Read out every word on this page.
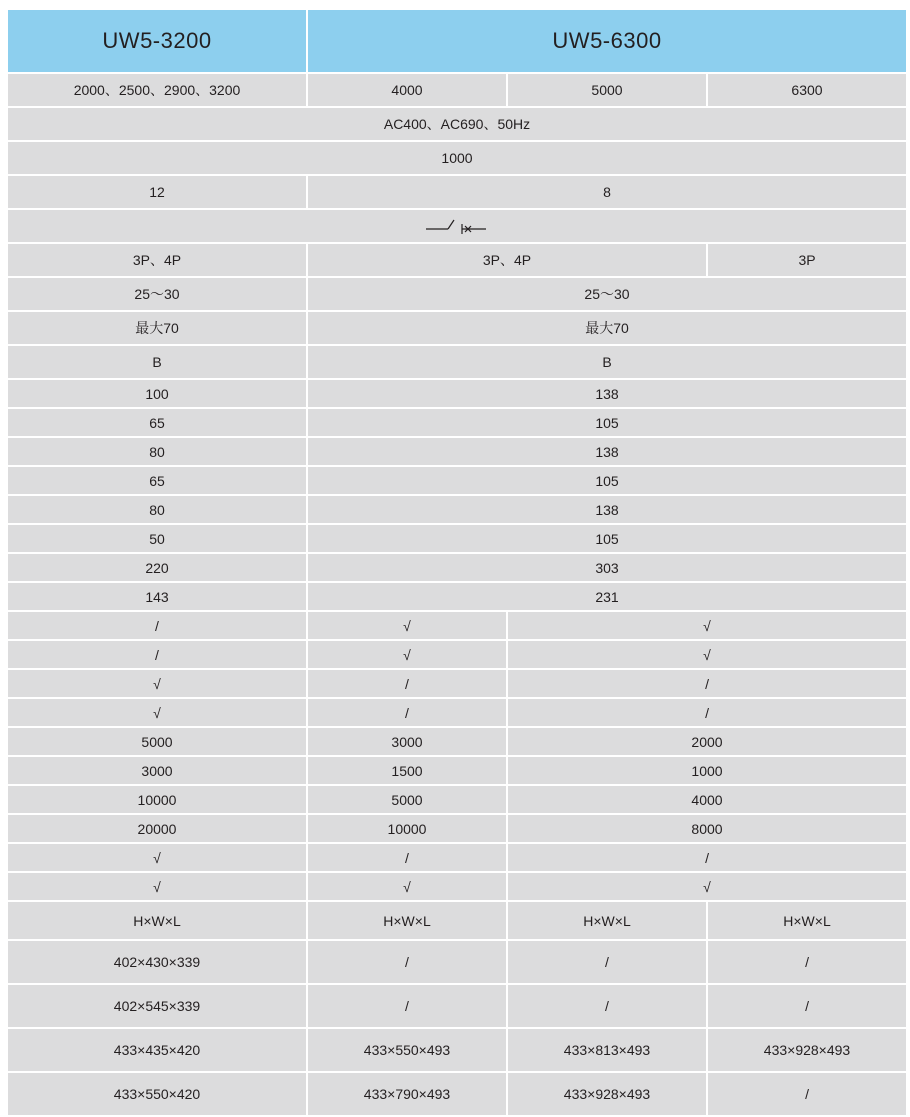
UW5-3200	UW5-6300		
2000、2500、2900、3200	4000	5000	6300
AC400、AC690、50Hz			
1000			
12	8		

3P、4P	3P、4P		3P
25～30	25～30		
最大70	最大70		
B	B		
100	138		
65	105		
80	138		
65	105		
80	138		
50	105		
220	303		
143	231		
/	√	√	
/	√	√	
√	/	/	
√	/	/	
5000	3000	2000	
3000	1500	1000	
10000	5000	4000	
20000	10000	8000	
√	/	/	
√	√	√	
H×W×L	H×W×L	H×W×L	H×W×L
402×430×339	/	/	/
402×545×339	/	/	/
433×435×420	433×550×493	433×813×493	433×928×493
433×550×420	433×790×493	433×928×493	/
